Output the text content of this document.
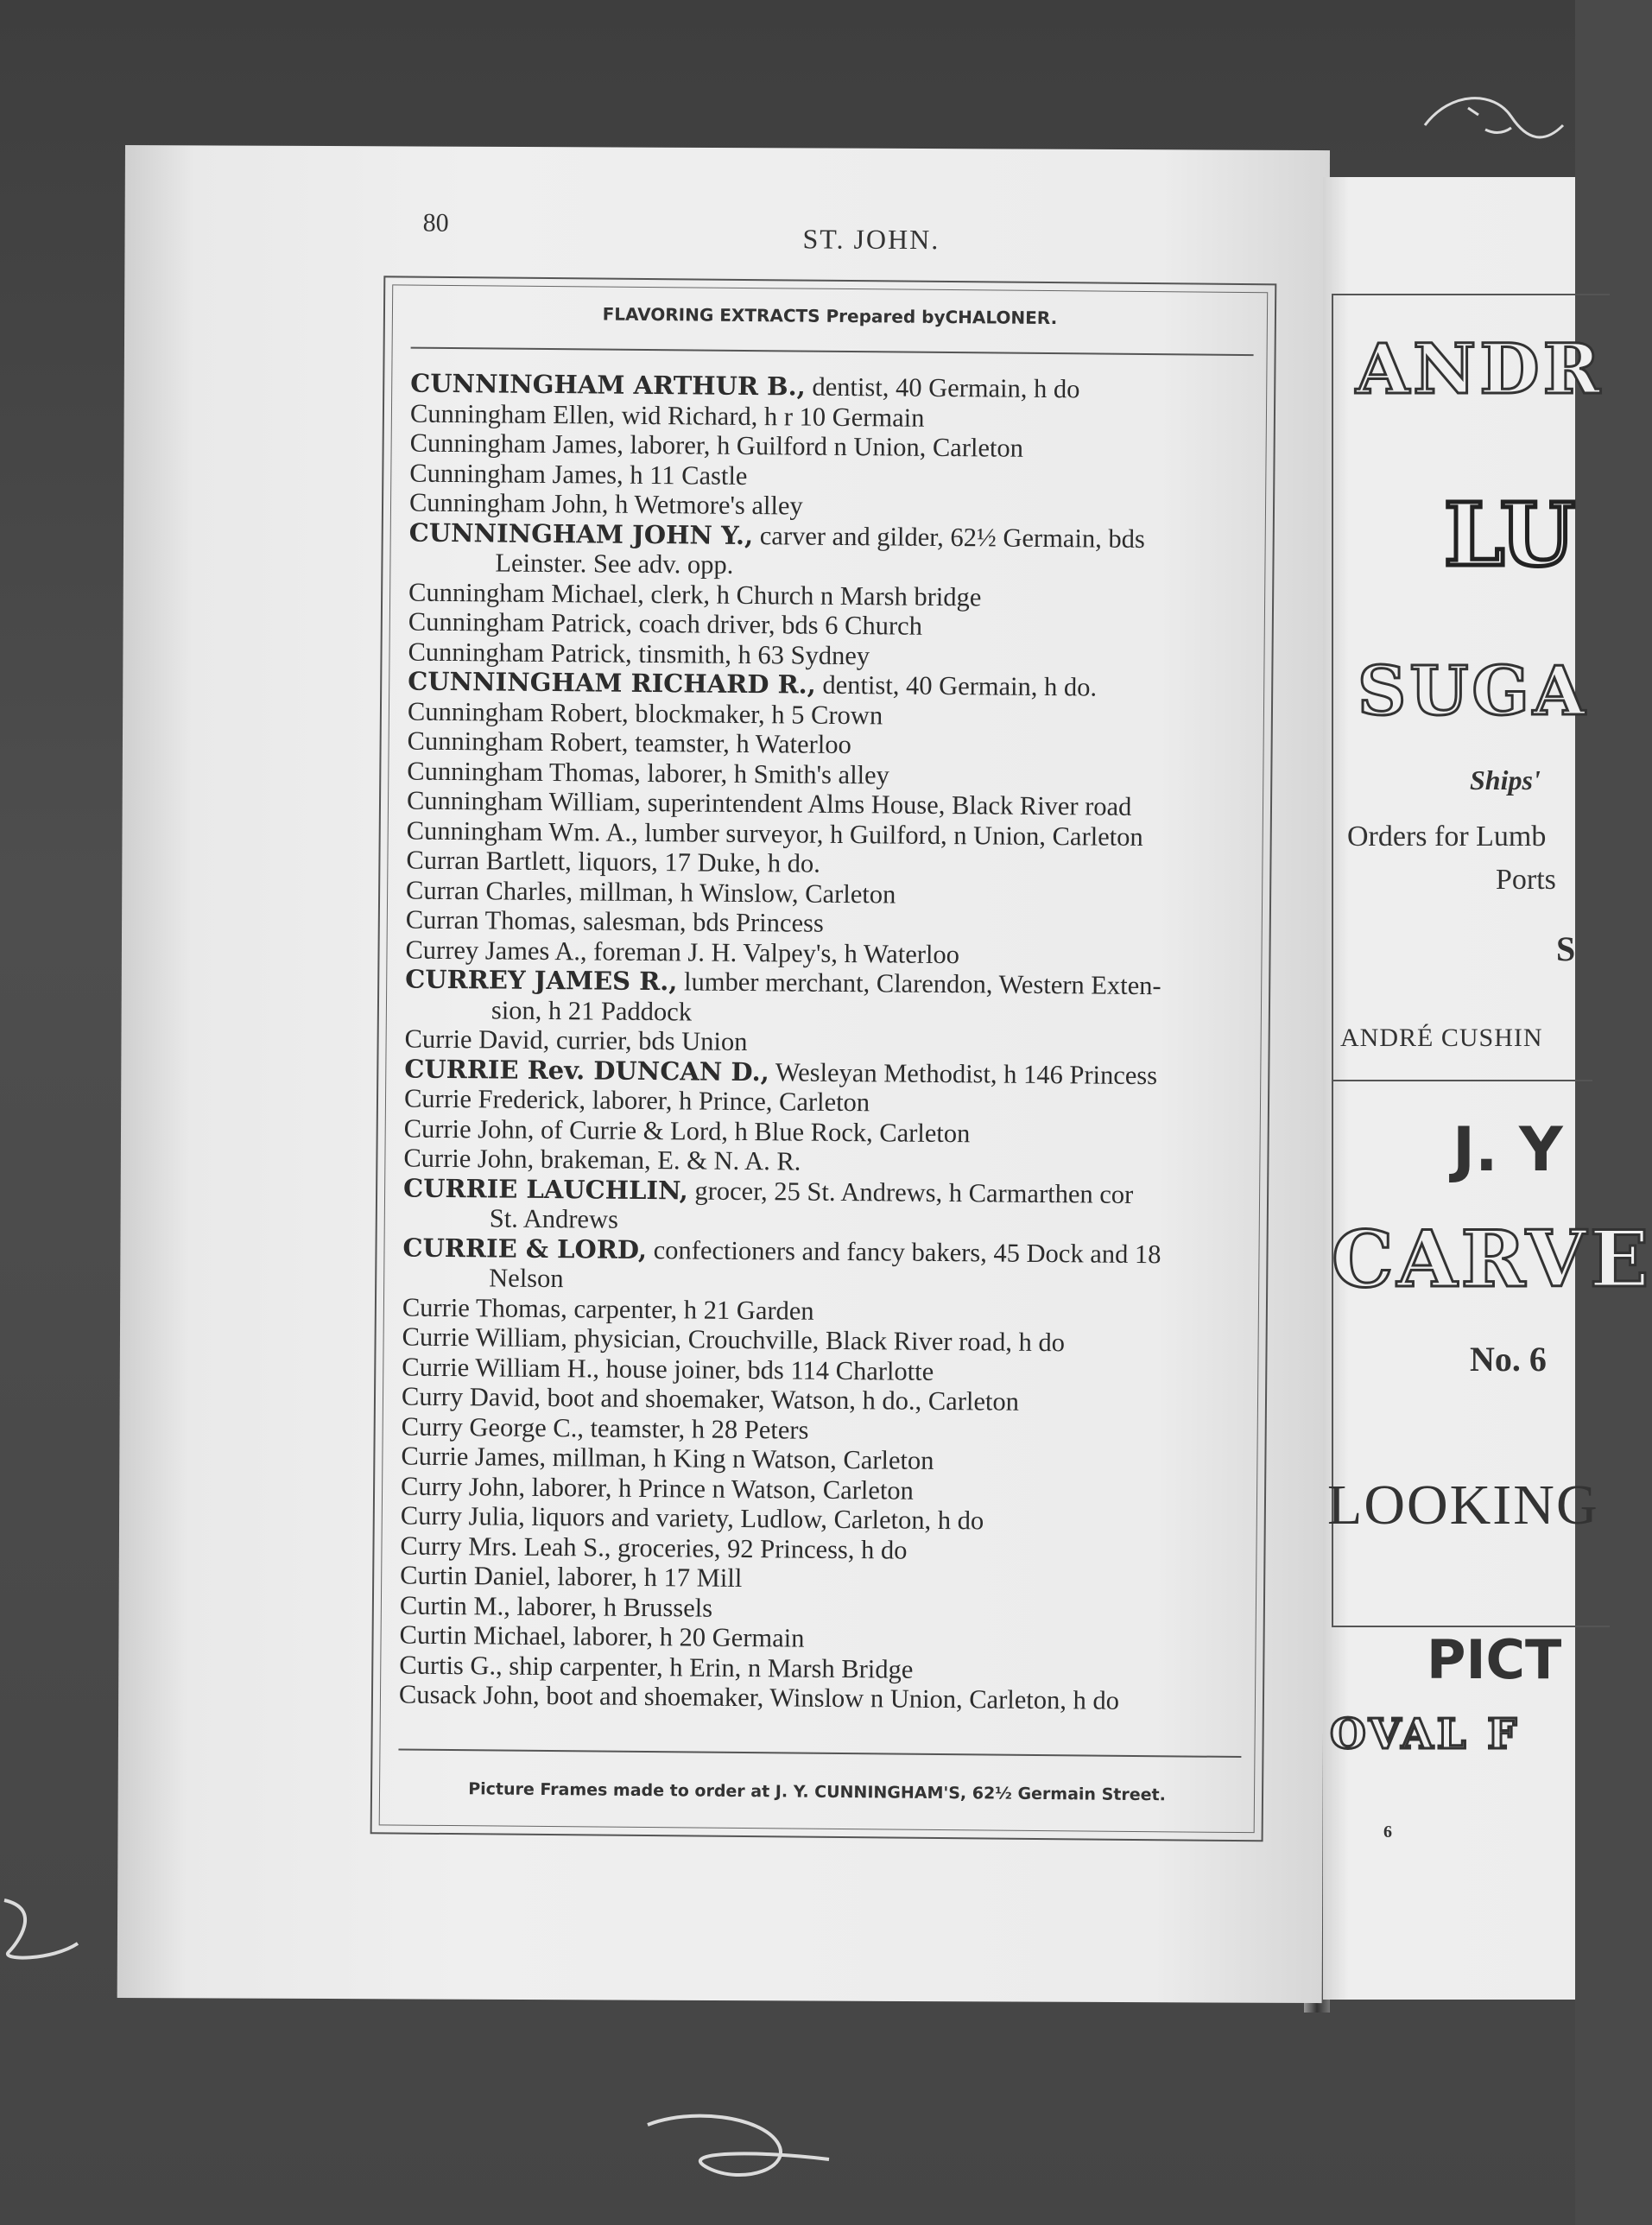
80
ST. JOHN.
FLAVORING EXTRACTS Prepared byCHALONER.
CUNNINGHAM ARTHUR B., dentist, 40 Germain, h do
Cunningham Ellen, wid Richard, h r 10 Germain
Cunningham James, laborer, h Guilford n Union, Carleton
Cunningham James, h 11 Castle
Cunningham John, h Wetmore's alley
CUNNINGHAM JOHN Y., carver and gilder, 62½ Germain, bds
Leinster. See adv. opp.
Cunningham Michael, clerk, h Church n Marsh bridge
Cunningham Patrick, coach driver, bds 6 Church
Cunningham Patrick, tinsmith, h 63 Sydney
CUNNINGHAM RICHARD R., dentist, 40 Germain, h do.
Cunningham Robert, blockmaker, h 5 Crown
Cunningham Robert, teamster, h Waterloo
Cunningham Thomas, laborer, h Smith's alley
Cunningham William, superintendent Alms House, Black River road
Cunningham Wm. A., lumber surveyor, h Guilford, n Union, Carleton
Curran Bartlett, liquors, 17 Duke, h do.
Curran Charles, millman, h Winslow, Carleton
Curran Thomas, salesman, bds Princess
Currey James A., foreman J. H. Valpey's, h Waterloo
CURREY JAMES R., lumber merchant, Clarendon, Western Exten-
sion, h 21 Paddock
Currie David, currier, bds Union
CURRIE Rev. DUNCAN D., Wesleyan Methodist, h 146 Princess
Currie Frederick, laborer, h Prince, Carleton
Currie John, of Currie & Lord, h Blue Rock, Carleton
Currie John, brakeman, E. & N. A. R.
CURRIE LAUCHLIN, grocer, 25 St. Andrews, h Carmarthen cor
St. Andrews
CURRIE & LORD, confectioners and fancy bakers, 45 Dock and 18
Nelson
Currie Thomas, carpenter, h 21 Garden
Currie William, physician, Crouchville, Black River road, h do
Currie William H., house joiner, bds 114 Charlotte
Curry David, boot and shoemaker, Watson, h do., Carleton
Curry George C., teamster, h 28 Peters
Currie James, millman, h King n Watson, Carleton
Curry John, laborer, h Prince n Watson, Carleton
Curry Julia, liquors and variety, Ludlow, Carleton, h do
Curry Mrs. Leah S., groceries, 92 Princess, h do
Curtin Daniel, laborer, h 17 Mill
Curtin M., laborer, h Brussels
Curtin Michael, laborer, h 20 Germain
Curtis G., ship carpenter, h Erin, n Marsh Bridge
Cusack John, boot and shoemaker, Winslow n Union, Carleton, h do
Picture Frames made to order at J. Y. CUNNINGHAM'S, 62½ Germain Street.
ANDR
LU
SUGA
Ships'
Orders for Lumb
Ports
S
ANDRÉ CUSHIN
J. Y
CARVE
No. 6
LOOKING
PICT
OVAL F
6
